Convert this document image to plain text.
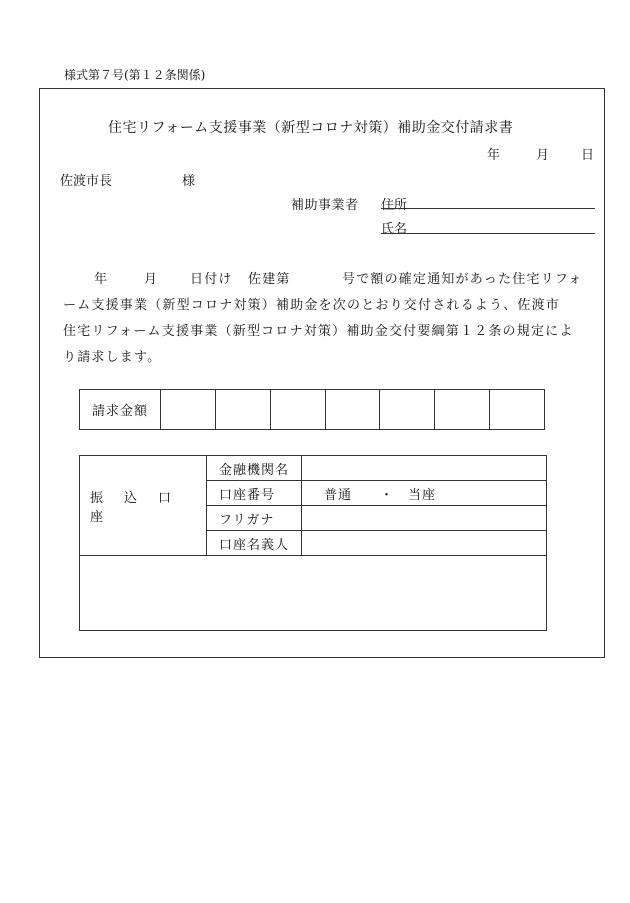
様式第７号(第１２条関係)
住宅リフォーム支援事業（新型コロナ対策）補助金交付請求書
年	月 日
佐渡市長	様
補助事業者 住所
氏名
年	月 日付け 佐建第	号で額の確定通知があった住宅リフォ
ーム支援事業（新型コロナ対策）補助金を次のとおり交付されるよう、佐渡市
住宅リフォーム支援事業（新型コロナ対策）補助金交付要綱第１２条の規定によ
り請求します。
請求金額							
振　込　口　座	金融機関名	
	口座番号	普通　　・　当座
	フリガナ	
	口座名義人	
